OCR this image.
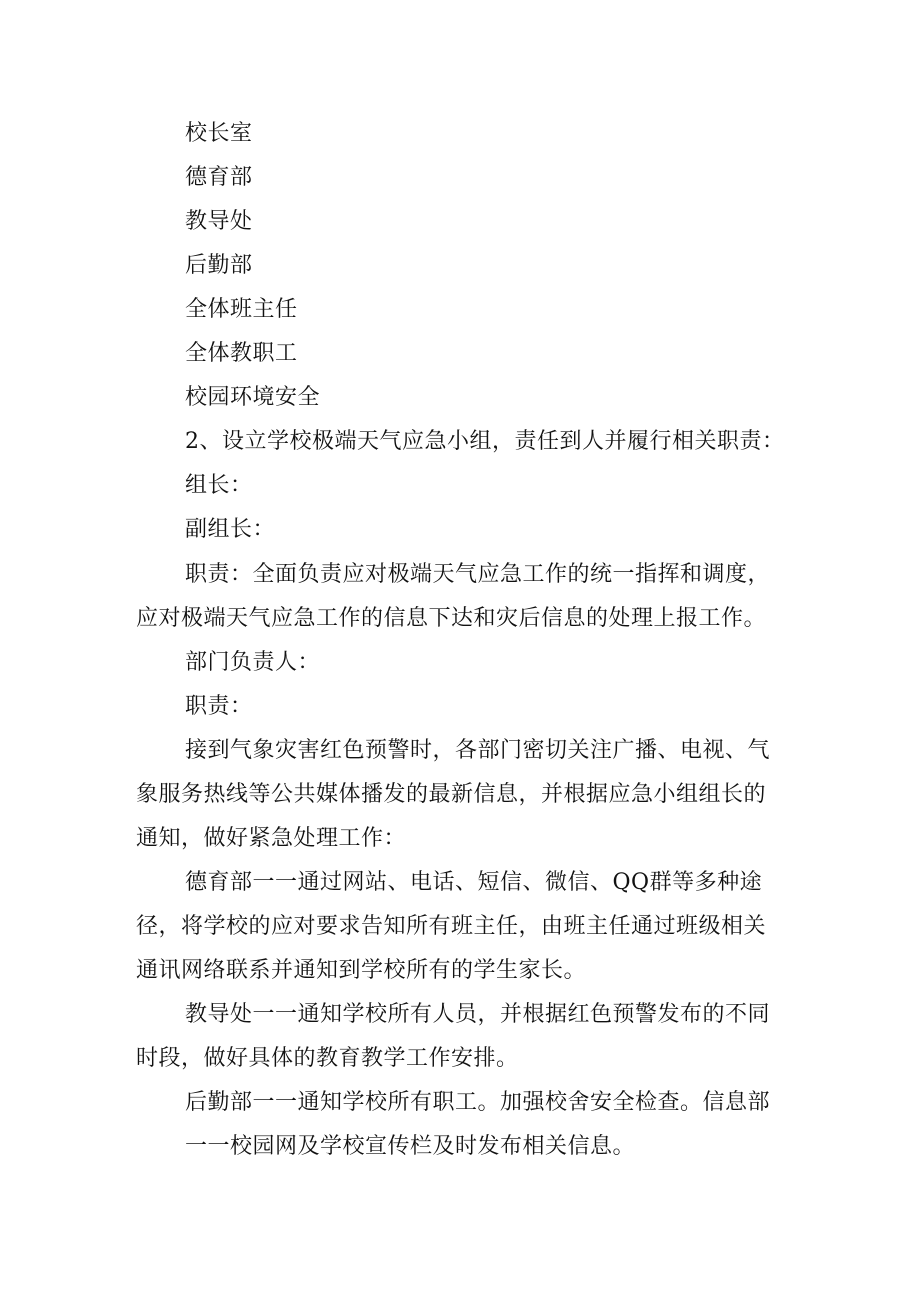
校长室
德育部
教导处
后勤部
全体班主任
全体教职工
校园环境安全
2、设立学校极端天气应急小组，责任到人并履行相关职责：
组长：
副组长：
职责：全面负责应对极端天气应急工作的统一指挥和调度，
应对极端天气应急工作的信息下达和灾后信息的处理上报工作。
部门负责人：
职责：
接到气象灾害红色预警时，各部门密切关注广播、电视、气
象服务热线等公共媒体播发的最新信息，并根据应急小组组长的
通知，做好紧急处理工作：
德育部一一通过网站、电话、短信、微信、QQ群等多种途
径，将学校的应对要求告知所有班主任，由班主任通过班级相关
通讯网络联系并通知到学校所有的学生家长。
教导处一一通知学校所有人员，并根据红色预警发布的不同
时段，做好具体的教育教学工作安排。
后勤部一一通知学校所有职工。加强校舍安全检查。信息部
一一校园网及学校宣传栏及时发布相关信息。
